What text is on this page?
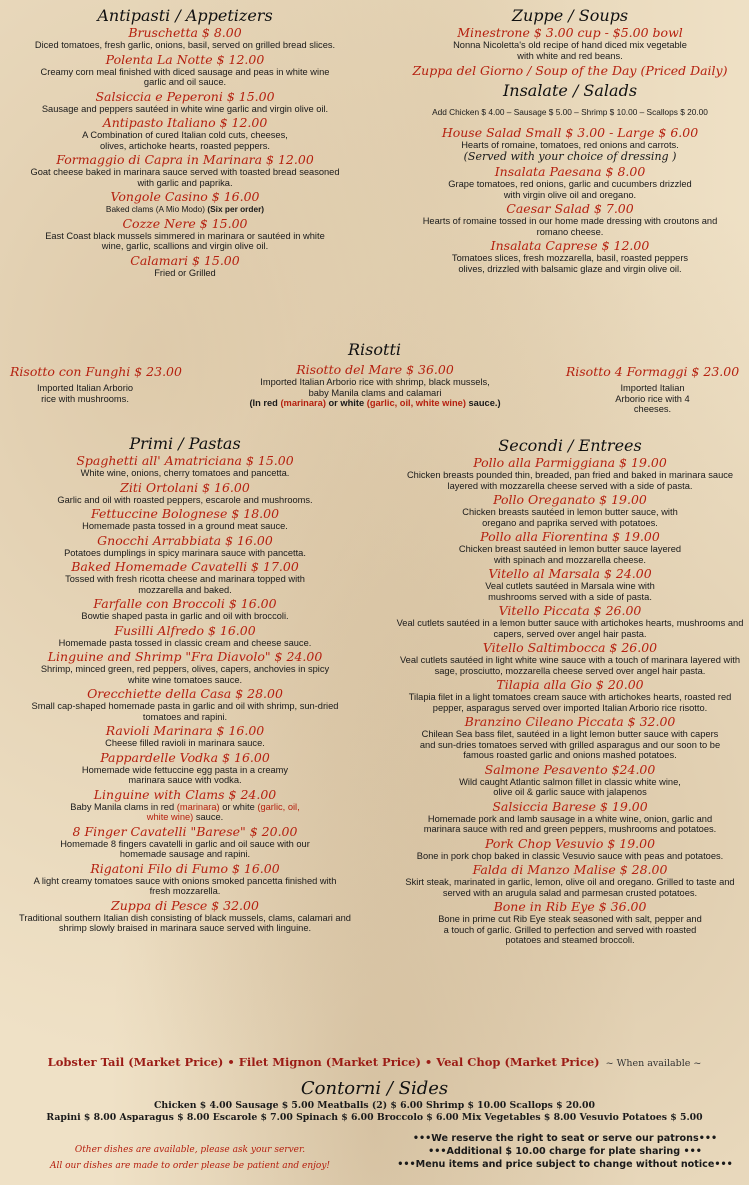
Antipasti / Appetizers
Bruschetta $ 8.00
Diced tomatoes, fresh garlic, onions, basil, served on grilled bread slices.
Polenta La Notte $ 12.00
Creamy corn meal finished with diced sausage and peas in white wine garlic and oil sauce.
Salsiccia e Peperoni $ 15.00
Sausage and peppers sautéed in white wine garlic and virgin olive oil.
Antipasto Italiano $ 12.00
A Combination of cured Italian cold cuts, cheeses, olives, artichoke hearts, roasted peppers.
Formaggio di Capra in Marinara $ 12.00
Goat cheese baked in marinara sauce served with toasted bread seasoned with garlic and paprika.
Vongole Casino $ 16.00
Baked clams (A Mio Modo) (Six per order)
Cozze Nere $ 15.00
East Coast black mussels simmered in marinara or sautéed in white wine, garlic, scallions and virgin olive oil.
Calamari $ 15.00
Fried or Grilled
Zuppe / Soups
Minestrone $ 3.00 cup - $5.00 bowl
Nonna Nicoletta's old recipe of hand diced mix vegetable with white and red beans.
Zuppa del Giorno / Soup of the Day (Priced Daily)
Insalate / Salads
Add Chicken $ 4.00 – Sausage $ 5.00 – Shrimp $ 10.00 – Scallops $ 20.00
House Salad Small $ 3.00 - Large $ 6.00
Hearts of romaine, tomatoes, red onions and carrots.
(Served with your choice of dressing )
Insalata Paesana $ 8.00
Grape tomatoes, red onions, garlic and cucumbers drizzled with virgin olive oil and oregano.
Caesar Salad $ 7.00
Hearts of romaine tossed in our home made dressing with croutons and romano cheese.
Insalata Caprese $ 12.00
Tomatoes slices, fresh mozzarella, basil, roasted peppers olives, drizzled with balsamic glaze and virgin olive oil.
Risotti
Risotto con Funghi $ 23.00
Imported Italian Arborio rice with mushrooms.
Risotto del Mare $ 36.00
Imported Italian Arborio rice with shrimp, black mussels, baby Manila clams and calamari
(In red (marinara) or white (garlic, oil, white wine) sauce.)
Risotto 4 Formaggi $ 23.00
Imported Italian Arborio rice with 4 cheeses.
Primi / Pastas
Spaghetti all' Amatriciana $ 15.00
White wine, onions, cherry tomatoes and pancetta.
Ziti Ortolani $ 16.00
Garlic and oil with roasted peppers, escarole and mushrooms.
Fettuccine Bolognese $ 18.00
Homemade pasta tossed in a ground meat sauce.
Gnocchi Arrabbiata $ 16.00
Potatoes dumplings in spicy marinara sauce with pancetta.
Baked Homemade Cavatelli $ 17.00
Tossed with fresh ricotta cheese and marinara topped with mozzarella and baked.
Farfalle con Broccoli $ 16.00
Bowtie shaped pasta in garlic and oil with broccoli.
Fusilli Alfredo $ 16.00
Homemade pasta tossed in classic cream and cheese sauce.
Linguine and Shrimp "Fra Diavolo" $ 24.00
Shrimp, minced green, red peppers, olives, capers, anchovies in spicy white wine tomatoes sauce.
Orecchiette della Casa $ 28.00
Small cap-shaped homemade pasta in garlic and oil with shrimp, sun-dried tomatoes and rapini.
Ravioli Marinara $ 16.00
Cheese filled ravioli in marinara sauce.
Pappardelle Vodka $ 16.00
Homemade wide fettuccine egg pasta in a creamy marinara sauce with vodka.
Linguine with Clams $ 24.00
Baby Manila clams in red (marinara) or white (garlic, oil, white wine) sauce.
8 Finger Cavatelli "Barese" $ 20.00
Homemade 8 fingers cavatelli in garlic and oil sauce with our homemade sausage and rapini.
Rigatoni Filo di Fumo $ 16.00
A light creamy tomatoes sauce with onions smoked pancetta finished with fresh mozzarella.
Zuppa di Pesce $ 32.00
Traditional southern Italian dish consisting of black mussels, clams, calamari and shrimp slowly braised in marinara sauce served with linguine.
Secondi / Entrees
Pollo alla Parmiggiana $ 19.00
Chicken breasts pounded thin, breaded, pan fried and baked in marinara sauce layered with mozzarella cheese served with a side of pasta.
Pollo Oreganato $ 19.00
Chicken breasts sautéed in lemon butter sauce, with oregano and paprika served with potatoes.
Pollo alla Fiorentina $ 19.00
Chicken breast sautéed in lemon butter sauce layered with spinach and mozzarella cheese.
Vitello al Marsala $ 24.00
Veal cutlets sautéed in Marsala wine with mushrooms served with a side of pasta.
Vitello Piccata $ 26.00
Veal cutlets sautéed in a lemon butter sauce with artichokes hearts, mushrooms and capers, served over angel hair pasta.
Vitello Saltimbocca $ 26.00
Veal cutlets sautéed in light white wine sauce with a touch of marinara layered with sage, prosciutto, mozzarella cheese served over angel hair pasta.
Tilapia alla Gio $ 20.00
Tilapia filet in a light tomatoes cream sauce with artichokes hearts, roasted red pepper, asparagus served over imported Italian Arborio rice risotto.
Branzino Cileano Piccata $ 32.00
Chilean Sea bass filet, sautéed in a light lemon butter sauce with capers and sun-dries tomatoes served with grilled asparagus and our soon to be famous roasted garlic and onions mashed potatoes.
Salmone Pesavento $24.00
Wild caught Atlantic salmon fillet in classic white wine, olive oil & garlic sauce with jalapenos
Salsiccia Barese $ 19.00
Homemade pork and lamb sausage in a white wine, onion, garlic and marinara sauce with red and green peppers, mushrooms and potatoes.
Pork Chop Vesuvio $ 19.00
Bone in pork chop baked in classic Vesuvio sauce with peas and potatoes.
Falda di Manzo Malise $ 28.00
Skirt steak, marinated in garlic, lemon, olive oil and oregano. Grilled to taste and served with an arugula salad and parmesan crusted potatoes.
Bone in Rib Eye $ 36.00
Bone in prime cut Rib Eye steak seasoned with salt, pepper and a touch of garlic. Grilled to perfection and served with roasted potatoes and steamed broccoli.
Lobster Tail (Market Price) • Filet Mignon (Market Price) • Veal Chop (Market Price) ~ When available ~
Contorni / Sides
Chicken $ 4.00 Sausage $ 5.00 Meatballs (2) $ 6.00 Shrimp $ 10.00 Scallops $ 20.00
Rapini $ 8.00 Asparagus $ 8.00 Escarole $ 7.00 Spinach $ 6.00 Broccolo $ 6.00 Mix Vegetables $ 8.00 Vesuvio Potatoes $ 5.00
Other dishes are available, please ask your server.
All our dishes are made to order please be patient and enjoy!
•••We reserve the right to seat or serve our patrons•••
•••Additional $ 10.00 charge for plate sharing •••
•••Menu items and price subject to change without notice•••
